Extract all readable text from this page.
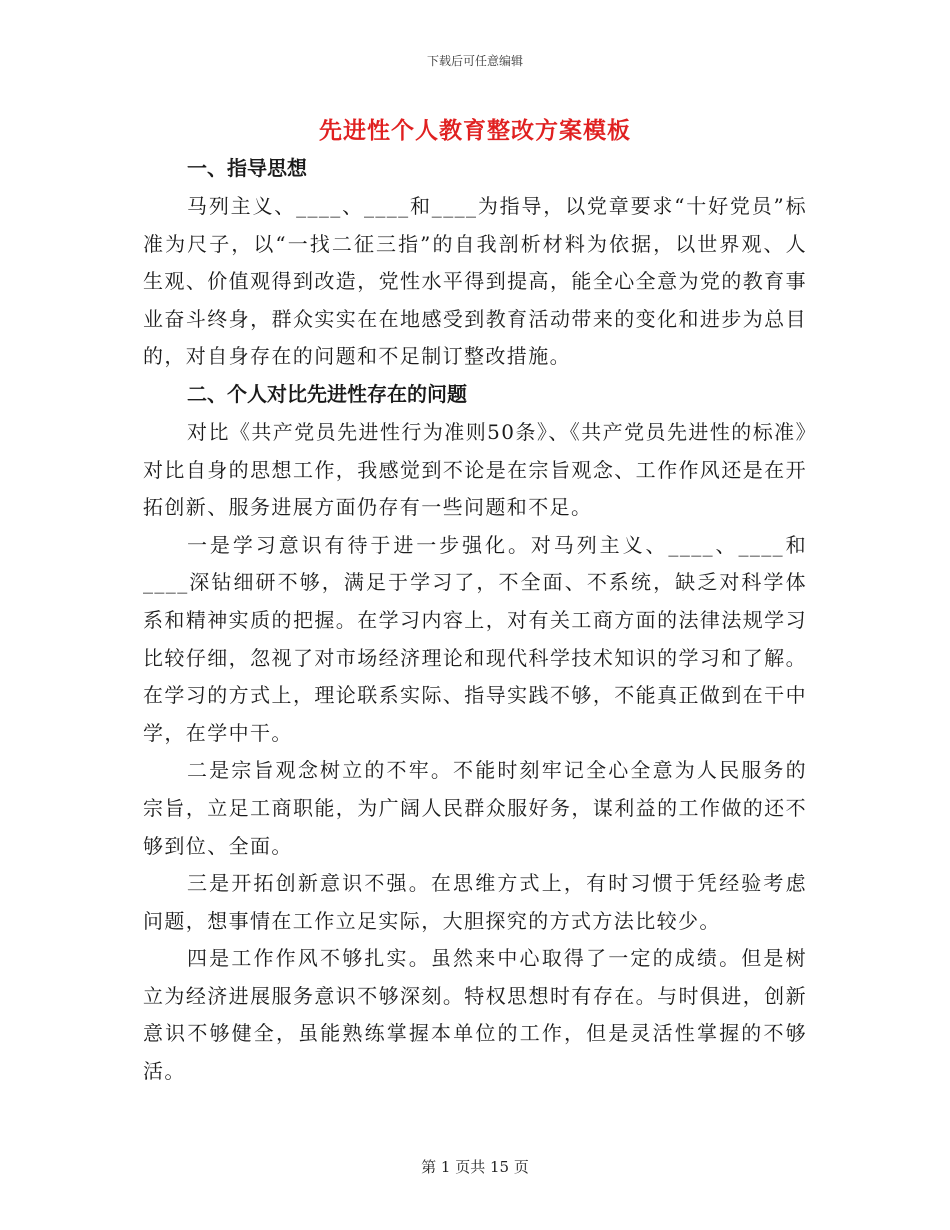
下载后可任意编辑
先进性个人教育整改方案模板
一、指导思想

马列主义、____、____和____为指导，以党章要求“十好党员”标准为尺子，以“一找二征三指”的自我剖析材料为依据，以世界观、人生观、价值观得到改造，党性水平得到提高，能全心全意为党的教育事业奋斗终身，群众实实在在地感受到教育活动带来的变化和进步为总目的，对自身存在的问题和不足制订整改措施。

二、个人对比先进性存在的问题

对比《共产党员先进性行为准则50条》、《共产党员先进性的标准》对比自身的思想工作，我感觉到不论是在宗旨观念、工作作风还是在开拓创新、服务进展方面仍存有一些问题和不足。

一是学习意识有待于进一步强化。对马列主义、____、____和____深钻细研不够，满足于学习了，不全面、不系统，缺乏对科学体系和精神实质的把握。在学习内容上，对有关工商方面的法律法规学习比较仔细，忽视了对市场经济理论和现代科学技术知识的学习和了解。在学习的方式上，理论联系实际、指导实践不够，不能真正做到在干中学，在学中干。

二是宗旨观念树立的不牢。不能时刻牢记全心全意为人民服务的宗旨，立足工商职能，为广阔人民群众服好务，谋利益的工作做的还不够到位、全面。

三是开拓创新意识不强。在思维方式上，有时习惯于凭经验考虑问题，想事情在工作立足实际，大胆探究的方式方法比较少。

四是工作作风不够扎实。虽然来中心取得了一定的成绩。但是树立为经济进展服务意识不够深刻。特权思想时有存在。与时俱进，创新意识不够健全，虽能熟练掌握本单位的工作，但是灵活性掌握的不够活。

第 1 页共 15 页
